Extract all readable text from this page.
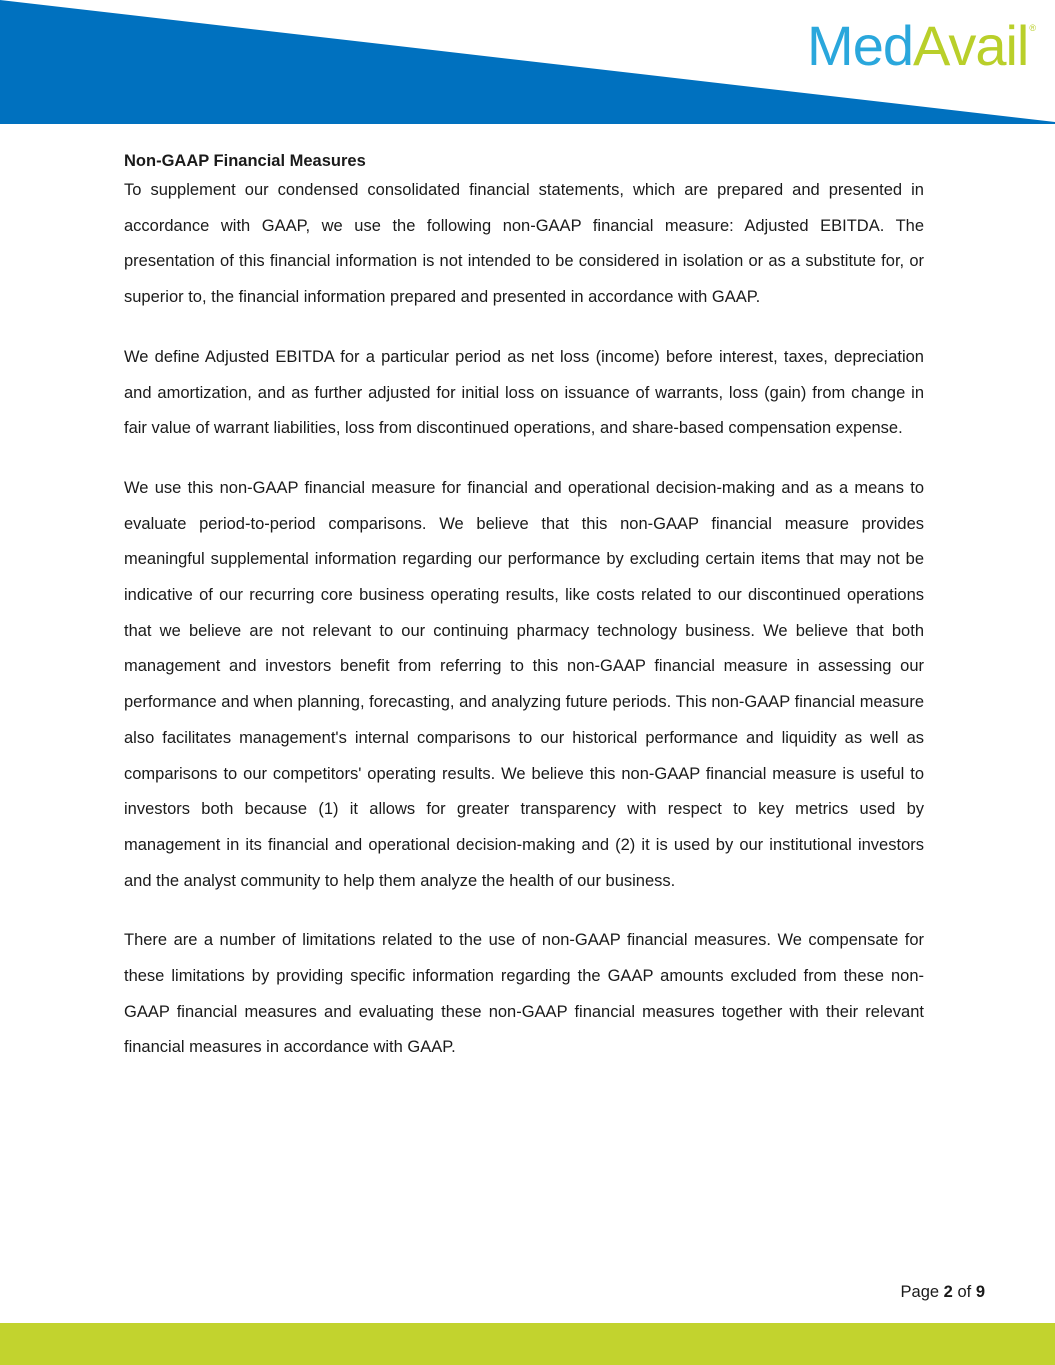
MedAvail®
Non-GAAP Financial Measures

To supplement our condensed consolidated financial statements, which are prepared and presented in accordance with GAAP, we use the following non-GAAP financial measure: Adjusted EBITDA. The presentation of this financial information is not intended to be considered in isolation or as a substitute for, or superior to, the financial information prepared and presented in accordance with GAAP.

We define Adjusted EBITDA for a particular period as net loss (income) before interest, taxes, depreciation and amortization, and as further adjusted for initial loss on issuance of warrants, loss (gain) from change in fair value of warrant liabilities, loss from discontinued operations, and share-based compensation expense.

We use this non-GAAP financial measure for financial and operational decision-making and as a means to evaluate period-to-period comparisons. We believe that this non-GAAP financial measure provides meaningful supplemental information regarding our performance by excluding certain items that may not be indicative of our recurring core business operating results, like costs related to our discontinued operations that we believe are not relevant to our continuing pharmacy technology business. We believe that both management and investors benefit from referring to this non-GAAP financial measure in assessing our performance and when planning, forecasting, and analyzing future periods. This non-GAAP financial measure also facilitates management's internal comparisons to our historical performance and liquidity as well as comparisons to our competitors' operating results. We believe this non-GAAP financial measure is useful to investors both because (1) it allows for greater transparency with respect to key metrics used by management in its financial and operational decision-making and (2) it is used by our institutional investors and the analyst community to help them analyze the health of our business.

There are a number of limitations related to the use of non-GAAP financial measures. We compensate for these limitations by providing specific information regarding the GAAP amounts excluded from these non-GAAP financial measures and evaluating these non-GAAP financial measures together with their relevant financial measures in accordance with GAAP.

Page 2 of 9
